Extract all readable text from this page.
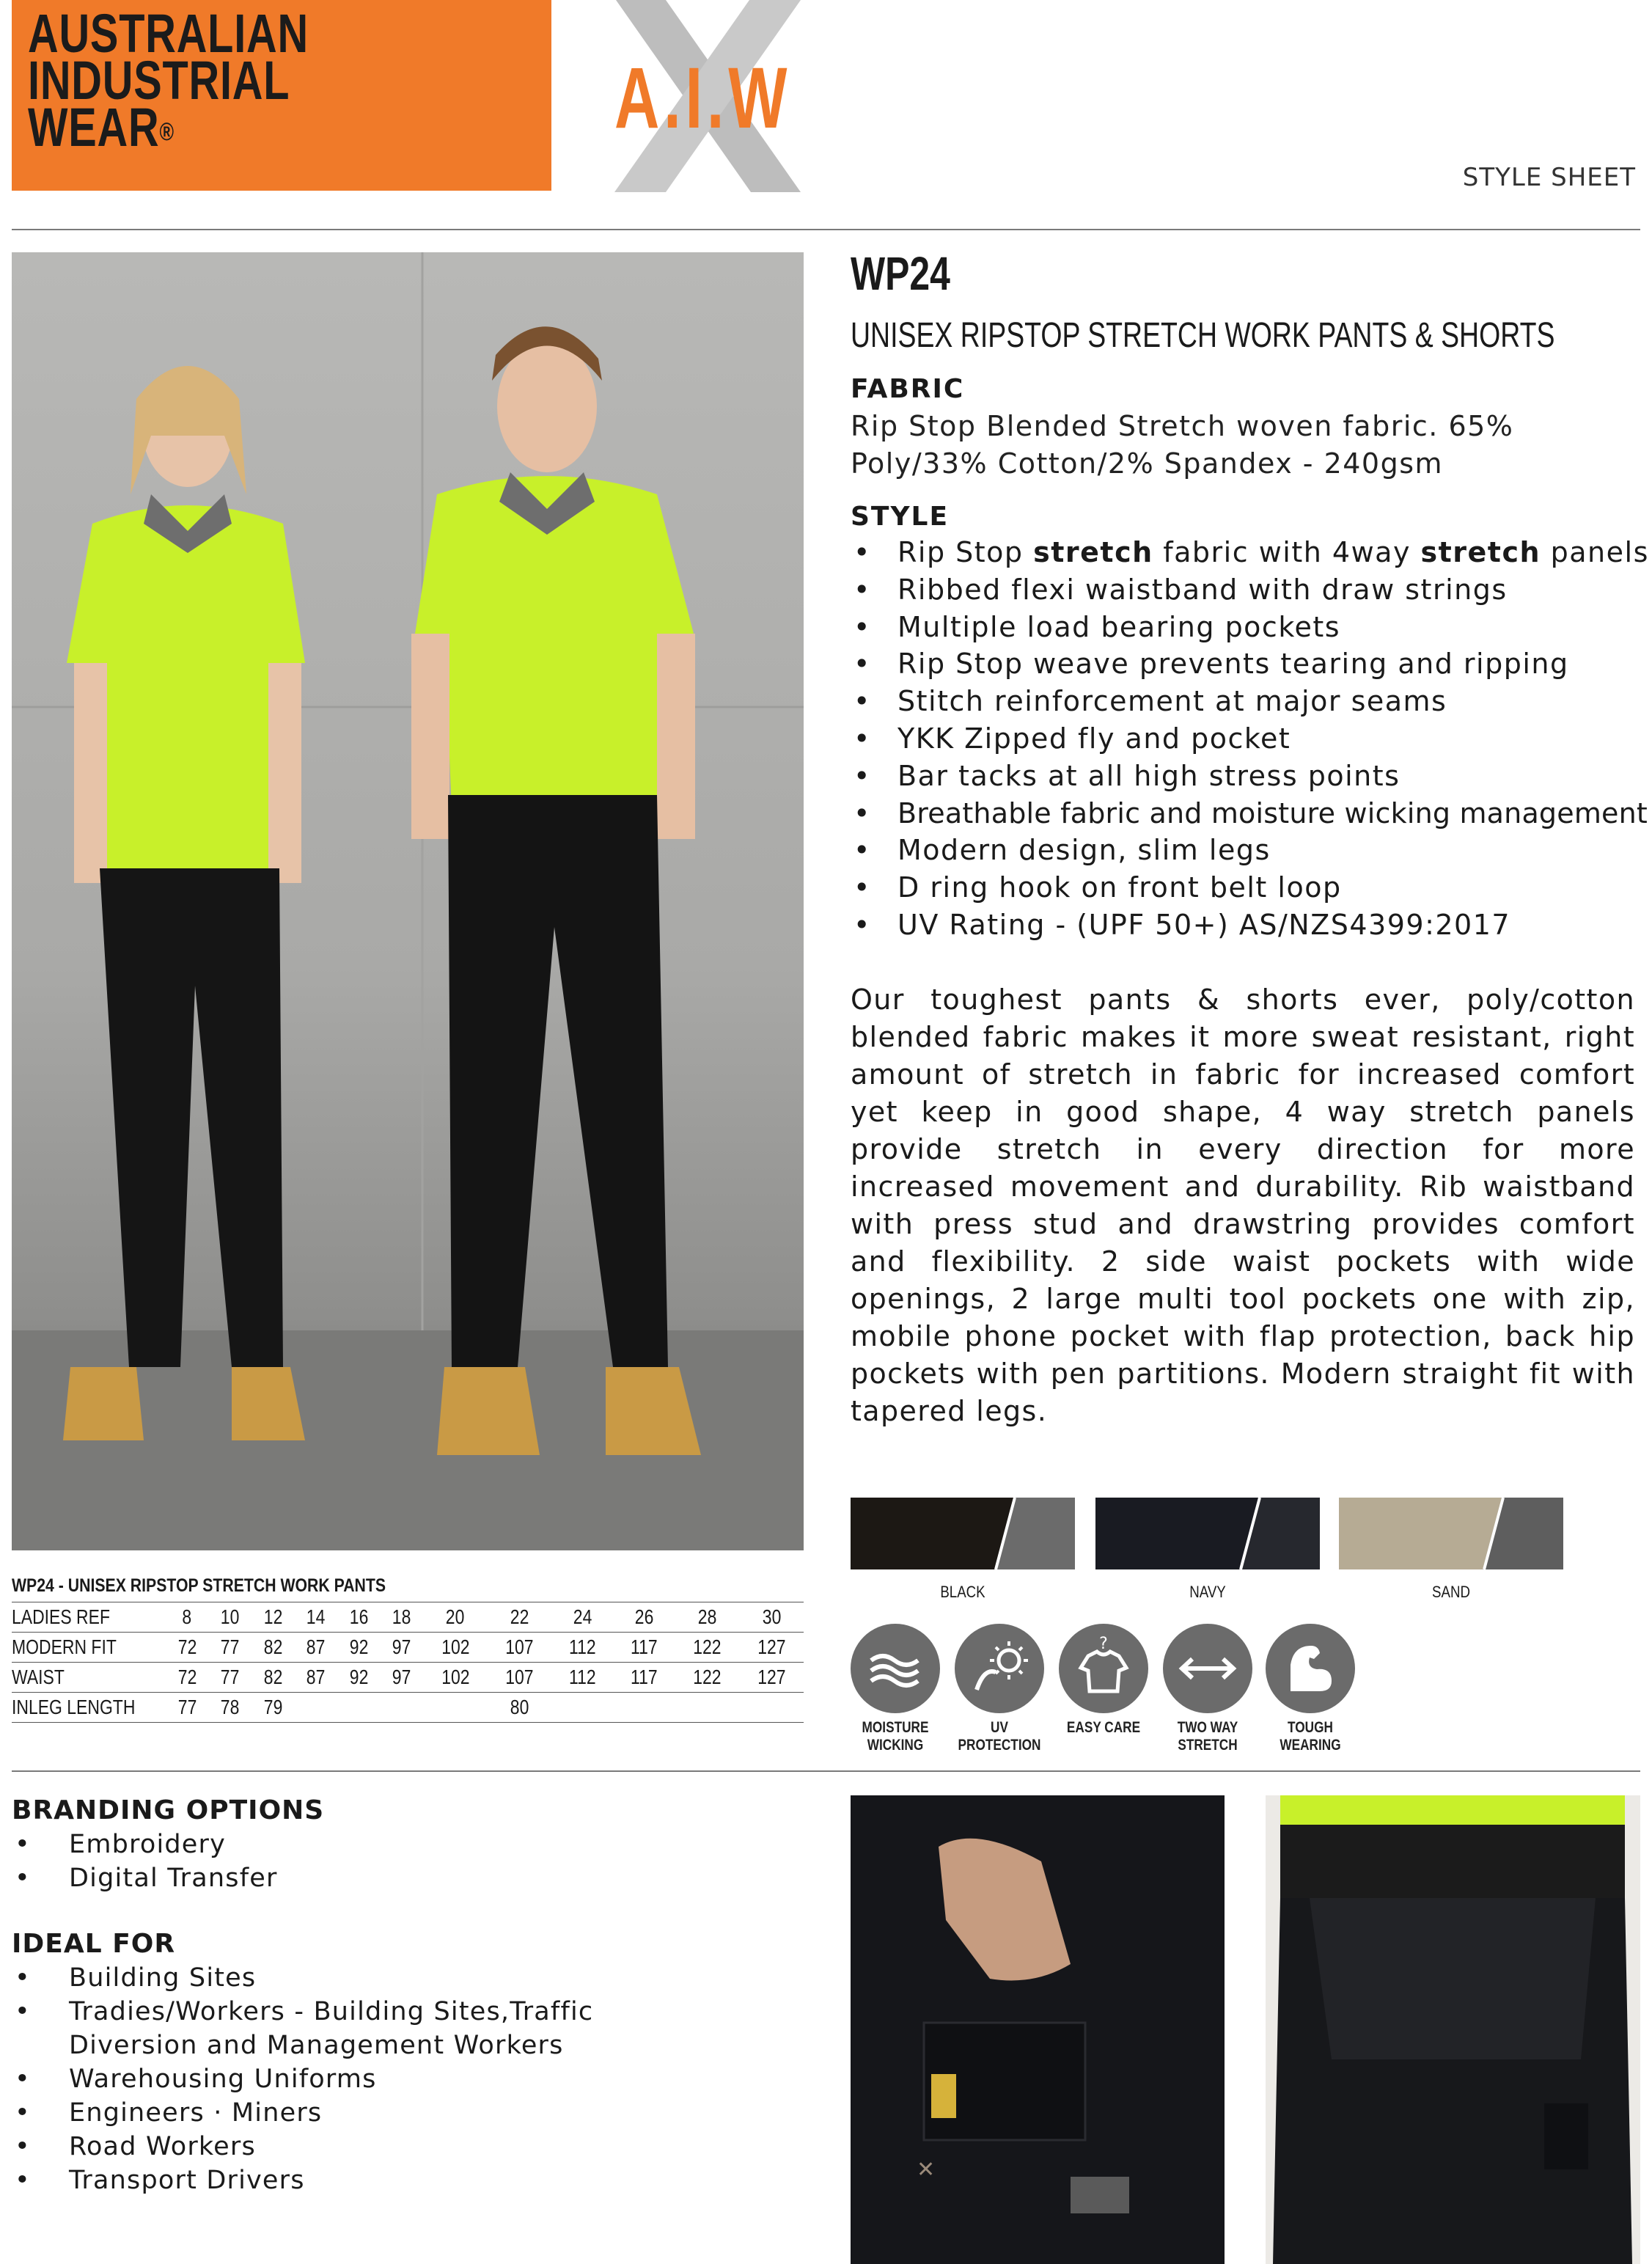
AUSTRALIAN
INDUSTRIAL
WEAR®	A.I.W
STYLE SHEET
WP24
UNISEX RIPSTOP STRETCH WORK PANTS & SHORTS
FABRIC
Rip Stop Blended Stretch woven fabric. 65% Poly/33% Cotton/2% Spandex - 240gsm
STYLE
• Rip Stop stretch fabric with 4way stretch panels
• Ribbed flexi waistband with draw strings
• Multiple load bearing pockets
• Rip Stop weave prevents tearing and ripping
• Stitch reinforcement at major seams
• YKK Zipped fly and pocket
• Bar tacks at all high stress points
• Breathable fabric and moisture wicking management
• Modern design, slim legs
• D ring hook on front belt loop
• UV Rating - (UPF 50+) AS/NZS4399:2017
Our toughest pants & shorts ever, poly/cotton blended fabric makes it more sweat resistant, right amount of stretch in fabric for increased comfort yet keep in good shape, 4 way stretch panels provide stretch in every direction for more increased movement and durability. Rib waistband with press stud and drawstring provides comfort and flexibility. 2 side waist pockets with wide openings, 2 large multi tool pockets one with zip, mobile phone pocket with flap protection, back hip pockets with pen partitions. Modern straight fit with tapered legs.
BLACK	NAVY	SAND
?
MOISTURE
WICKING
UV PROTECTION
EASY CARE	TWO WAY
STRETCH
TOUGH WEARING
WP24 - UNISEX RIPSTOP STRETCH WORK PANTS
LADIES REF	8	10	12	14	16	18	20	22	24	26	28	30
MODERN FIT	72	77	82	87	92	97	102	107	112	117	122	127
WAIST	72	77	82	87	92	97	102	107	112	117	122	127
INLEG LENGTH	77	78	79					80				
BRANDING OPTIONS
• Embroidery
• Digital Transfer
IDEAL FOR
• Building Sites
• Tradies/Workers - Building Sites,Traffic Diversion and Management Workers
• Warehousing Uniforms
• Engineers · Miners
• Road Workers
• Transport Drivers	✕
